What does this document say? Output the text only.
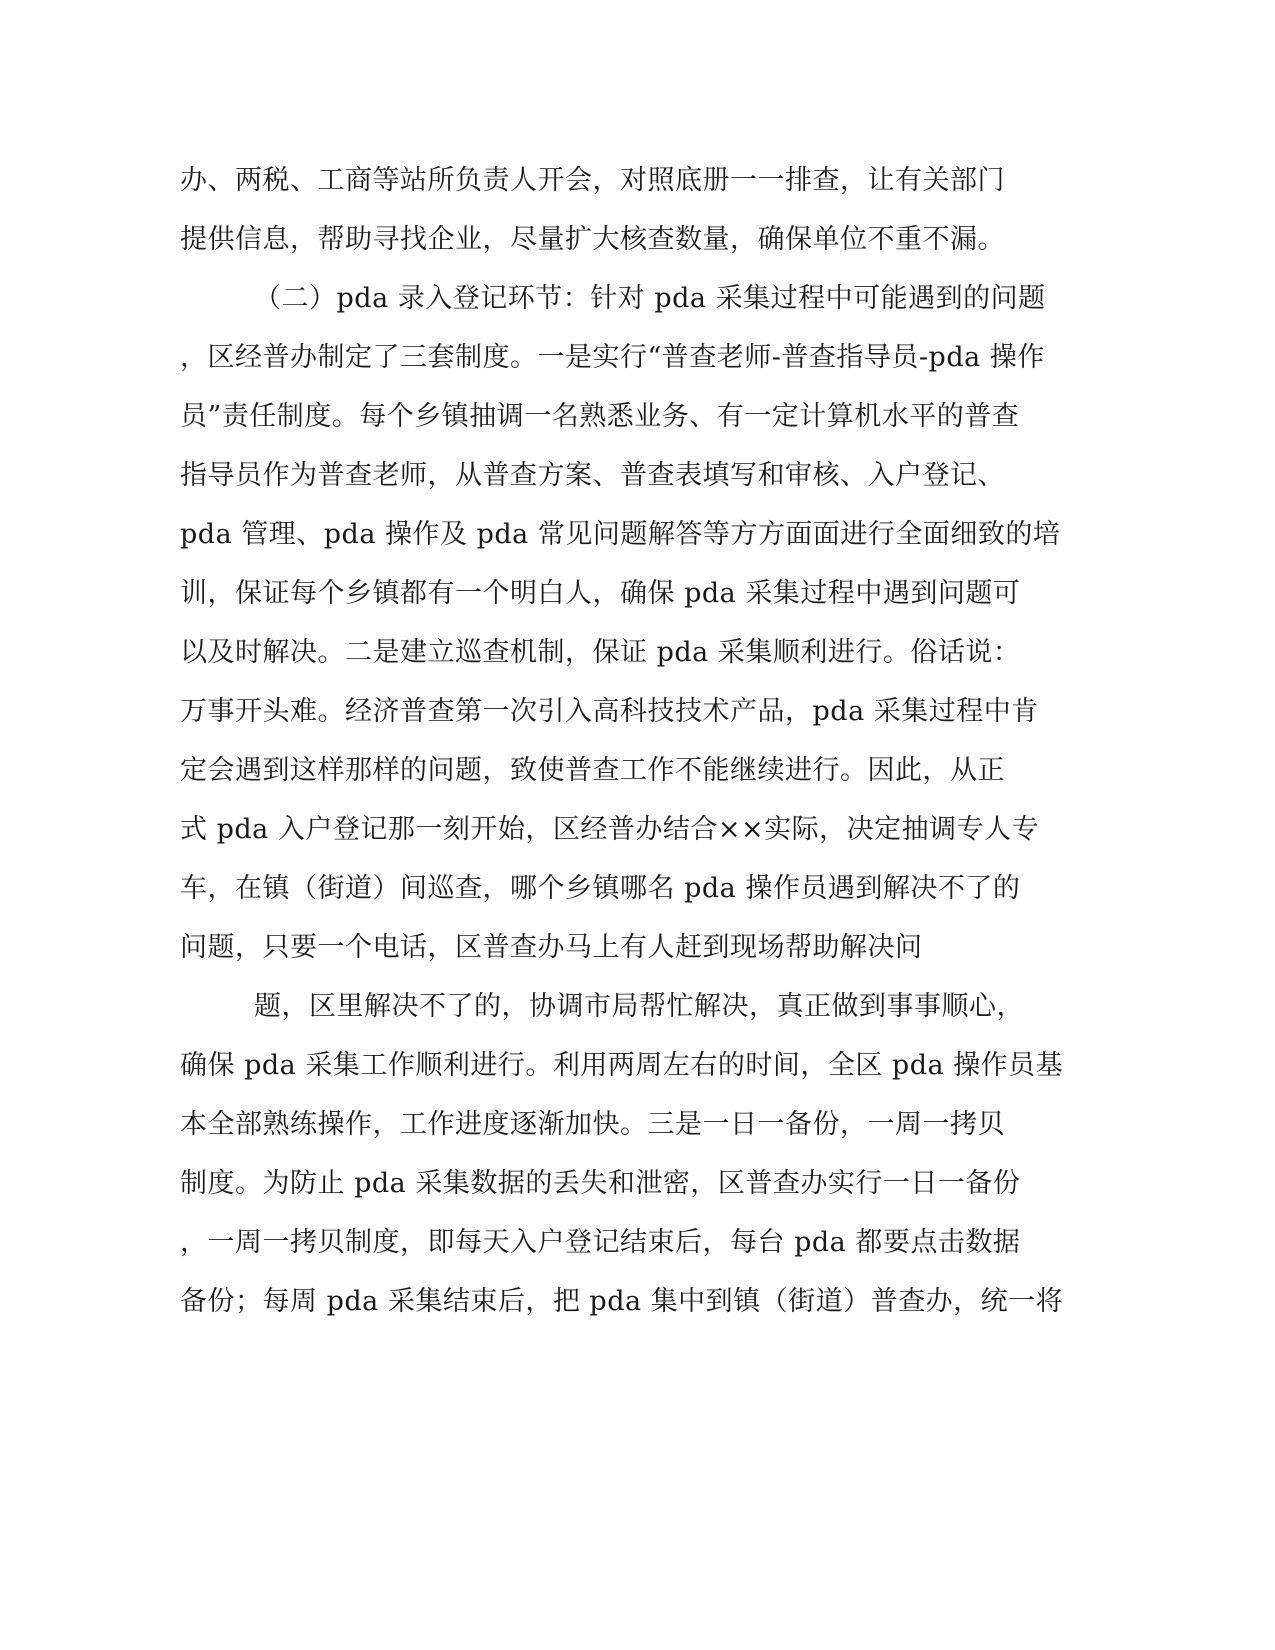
办、两税、工商等站所负责人开会，对照底册一一排查，让有关部门
提供信息，帮助寻找企业，尽量扩大核查数量，确保单位不重不漏。
（二）pda 录入登记环节：针对 pda 采集过程中可能遇到的问题
，区经普办制定了三套制度。一是实行“普查老师-普查指导员-pda 操作
员”责任制度。每个乡镇抽调一名熟悉业务、有一定计算机水平的普查
指导员作为普查老师，从普查方案、普查表填写和审核、入户登记、
pda 管理、pda 操作及 pda 常见问题解答等方方面面进行全面细致的培
训，保证每个乡镇都有一个明白人，确保 pda 采集过程中遇到问题可
以及时解决。二是建立巡查机制，保证 pda 采集顺利进行。俗话说：
万事开头难。经济普查第一次引入高科技技术产品，pda 采集过程中肯
定会遇到这样那样的问题，致使普查工作不能继续进行。因此，从正
式 pda 入户登记那一刻开始，区经普办结合××实际，决定抽调专人专
车，在镇（街道）间巡查，哪个乡镇哪名 pda 操作员遇到解决不了的
问题，只要一个电话，区普查办马上有人赶到现场帮助解决问
题，区里解决不了的，协调市局帮忙解决，真正做到事事顺心，
确保 pda 采集工作顺利进行。利用两周左右的时间，全区 pda 操作员基
本全部熟练操作，工作进度逐渐加快。三是一日一备份，一周一拷贝
制度。为防止 pda 采集数据的丢失和泄密，区普查办实行一日一备份
，一周一拷贝制度，即每天入户登记结束后，每台 pda 都要点击数据
备份；每周 pda 采集结束后，把 pda 集中到镇（街道）普查办，统一将
